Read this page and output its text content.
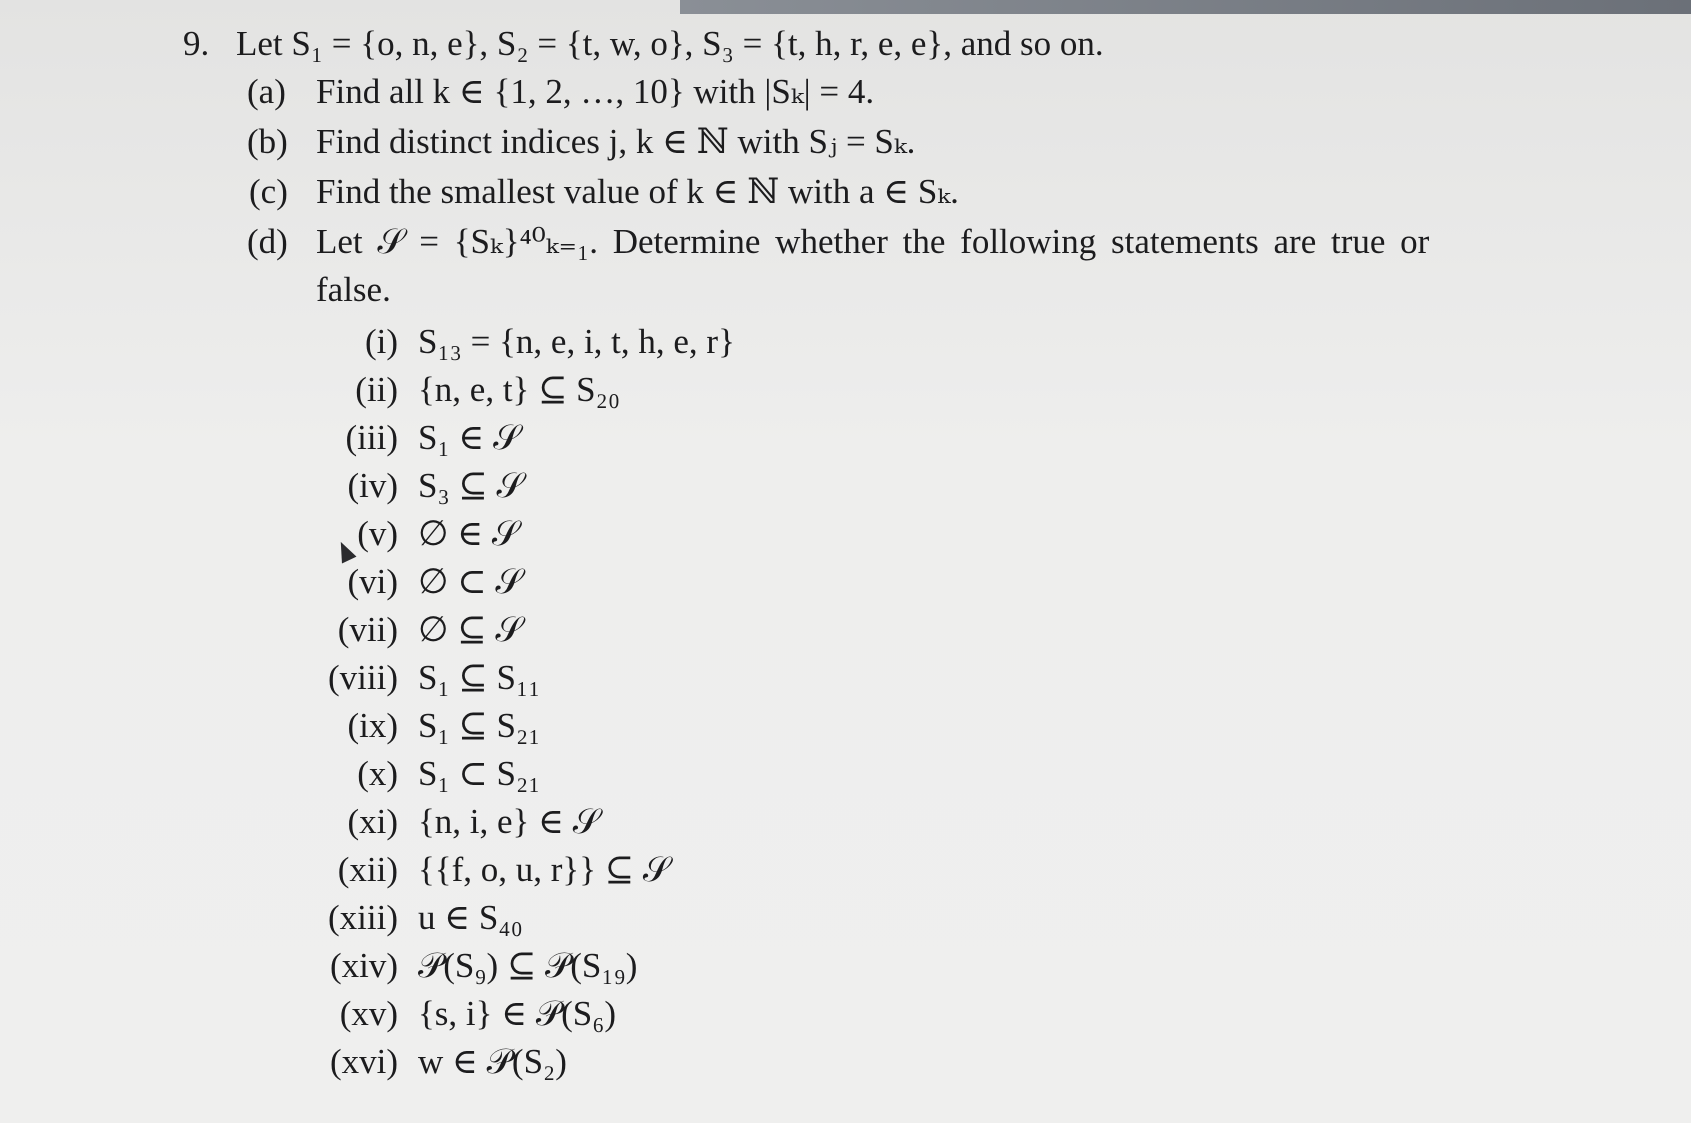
9. Let S₁ = {o, n, e}, S₂ = {t, w, o}, S₃ = {t, h, r, e, e}, and so on.
(a) Find all k ∈ {1, 2, …, 10} with |Sₖ| = 4.
(b) Find distinct indices j, k ∈ ℕ with Sⱼ = Sₖ.
(c) Find the smallest value of k ∈ ℕ with a ∈ Sₖ.
(d) Let 𝒮 = {Sₖ}⁴⁰ₖ₌₁. Determine whether the following statements are true or
false.
(i) S₁₃ = {n, e, i, t, h, e, r}
(ii) {n, e, t} ⊆ S₂₀
(iii) S₁ ∈ 𝒮
(iv) S₃ ⊆ 𝒮
(v) ∅ ∈ 𝒮
(vi) ∅ ⊂ 𝒮
(vii) ∅ ⊆ 𝒮
(viii) S₁ ⊆ S₁₁
(ix) S₁ ⊆ S₂₁
(x) S₁ ⊂ S₂₁
(xi) {n, i, e} ∈ 𝒮
(xii) {{f, o, u, r}} ⊆ 𝒮
(xiii) u ∈ S₄₀
(xiv) 𝒫(S₉) ⊆ 𝒫(S₁₉)
(xv) {s, i} ∈ 𝒫(S₆)
(xvi) w ∈ 𝒫(S₂)
